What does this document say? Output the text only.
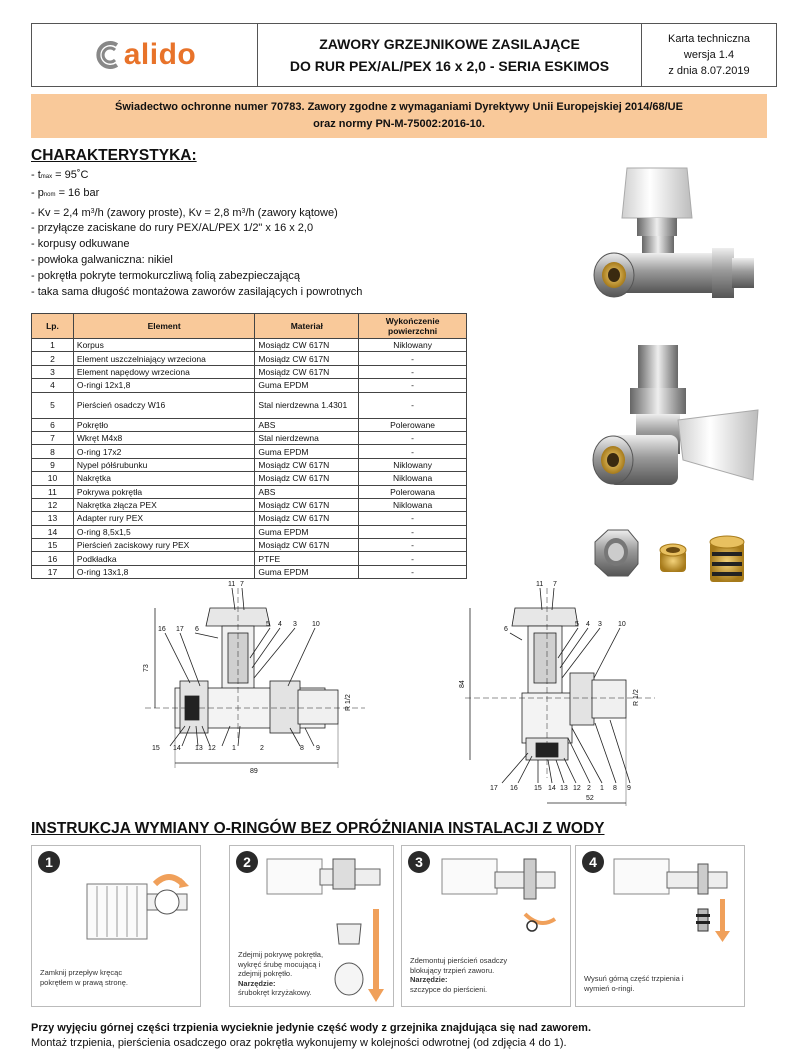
alido	ZAWORY GRZEJNIKOWE ZASILAJĄCE
DO RUR PEX/AL/PEX 16 x 2,0 - SERIA ESKIMOS
Karta techniczna
wersja 1.4
z dnia 8.07.2019
Świadectwo ochronne numer 70783. Zawory zgodne z wymaganiami Dyrektywy Unii Europejskiej 2014/68/UE
oraz normy PN-M-75002:2016-10.
CHARAKTERYSTYKA:
- tmax = 95˚C
- pnom = 16 bar
- Kv = 2,4 $m^3/h$ (zawory proste), Kv = 2,8 $m^3/h$ (zawory kątowe)
- przyłącze zaciskane do rury PEX/AL/PEX 1/2" x 16 x 2,0
- korpusy odkuwane
- powłoka galwaniczna: nikiel
- pokrętła pokryte termokurczliwą folią zabezpieczającą
- taka sama długość montażowa zaworów zasilających i powrotnych
Lp.	Element	Materiał	Wykończenie powierzchni
1	Korpus	Mosiądz CW 617N	Niklowany
2	Element uszczelniający wrzeciona	Mosiądz CW 617N	-
3	Element napędowy wrzeciona	Mosiądz CW 617N	-
4	O-ringi 12x1,8	Guma EPDM	-
5	Pierścień osadczy W16	Stal nierdzewna 1.4301	-
6	Pokrętło	ABS	Polerowane
7	Wkręt M4x8	Stal nierdzewna	-
8	O-ring 17x2	Guma EPDM	-
9	Nypel półśrubunku	Mosiądz CW 617N	Niklowany
10	Nakrętka	Mosiądz CW 617N	Niklowana
11	Pokrywa pokrętła	ABS	Polerowana
12	Nakrętka złącza PEX	Mosiądz CW 617N	Niklowana
13	Adapter rury PEX	Mosiądz CW 617N	-
14	O-ring 8,5x1,5	Guma EPDM	-
15	Pierścień zaciskowy rury PEX	Mosiądz CW 617N	-
16	Podkładka	PTFE	-
17	O-ring 13x1,8	Guma EPDM	-
11 7
16 17 6
5 4 3 10
15 14 13 12 1	2	8 9
73
89
R 1/2
11 7
6
5 4 3 10
17 16 15 14 13 12 2 1 8 9
84
52
R 1/2
INSTRUKCJA WYMIANY O-RINGÓW BEZ OPRÓŻNIANIA INSTALACJI Z WODY
1
Zamknij przepływ kręcąc pokrętłem w prawą stronę.
2
Zdejmij pokrywę pokrętła, wykręć śrubę mocującą i zdejmij pokrętło.
Narzędzie:
śrubokręt krzyżakowy.
3
Zdemontuj pierścień osadczy blokujący trzpień zaworu.
Narzędzie:
szczypce do pierścieni.
4
Wysuń górną część trzpienia i wymień o-ringi.
Przy wyjęciu górnej części trzpienia wycieknie jedynie część wody z grzejnika znajdująca się nad zaworem.
Montaż trzpienia, pierścienia osadczego oraz pokrętła wykonujemy w kolejności odwrotnej (od zdjęcia 4 do 1).
